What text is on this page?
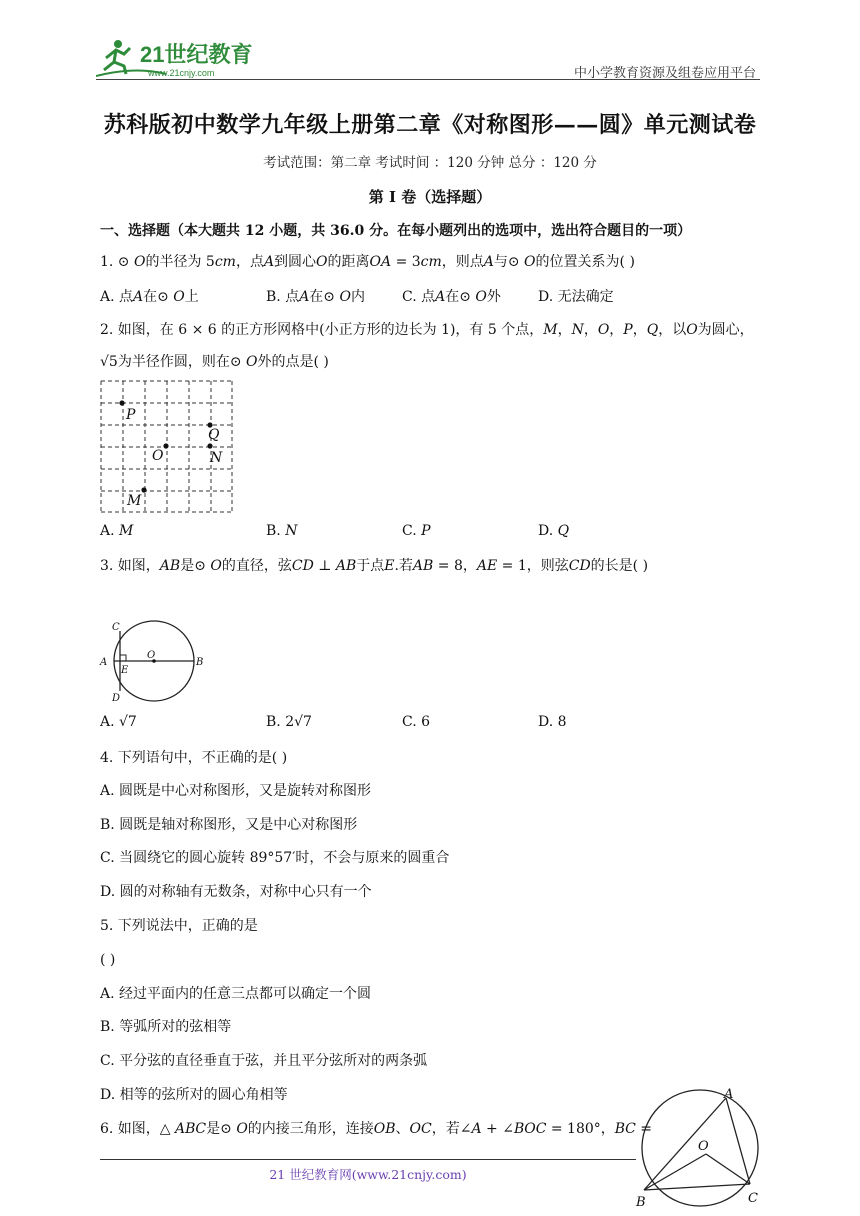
21世纪教育
www.21cnjy.com	中小学教育资源及组卷应用平台
苏科版初中数学九年级上册第二章《对称图形——圆》单元测试卷
考试范围：第二章 考试时间 ：120 分钟 总分 ：120 分
第 I 卷（选择题）
一、选择题（本大题共 12 小题，共 36.0 分。在每小题列出的选项中，选出符合题目的一项）
1. ⊙ 𝑂的半径为 5𝑐𝑚，点𝐴到圆心𝑂的距离𝑂𝐴 = 3𝑐𝑚，则点𝐴与⊙ 𝑂的位置关系为( )
A. 点𝐴在⊙ 𝑂上	B. 点𝐴在⊙ 𝑂内	C. 点𝐴在⊙ 𝑂外	D. 无法确定
2. 如图，在 6 × 6 的正方形网格中(小正方形的边长为 1)，有 5 个点，𝑀，𝑁，𝑂，𝑃，𝑄，以𝑂为圆心，
√5为半径作圆，则在⊙ 𝑂外的点是( )
P
Q
O	N
M
A. 𝑀	B. 𝑁	C. 𝑃	D. 𝑄
3. 如图，𝐴𝐵是⊙ 𝑂的直径，弦𝐶𝐷 ⊥ 𝐴𝐵于点𝐸.若𝐴𝐵 = 8，𝐴𝐸 = 1，则弦𝐶𝐷的长是( )
A	B
C
D
E
O
A. √7	B. 2√7	C. 6	D. 8
4. 下列语句中，不正确的是( )
A. 圆既是中心对称图形，又是旋转对称图形
B. 圆既是轴对称图形，又是中心对称图形
C. 当圆绕它的圆心旋转 89°57′时，不会与原来的圆重合
D. 圆的对称轴有无数条，对称中心只有一个
5. 下列说法中，正确的是
( )
A. 经过平面内的任意三点都可以确定一个圆
B. 等弧所对的弦相等
C. 平分弦的直径垂直于弦，并且平分弦所对的两条弧
D. 相等的弦所对的圆心角相等
6. 如图，△ 𝐴𝐵𝐶是⊙ 𝑂的内接三角形，连接𝑂𝐵、𝑂𝐶，若∠𝐴 + ∠𝐵𝑂𝐶 = 180°，𝐵𝐶 =
A
B	C
O
21 世纪教育网(www.21cnjy.com)
